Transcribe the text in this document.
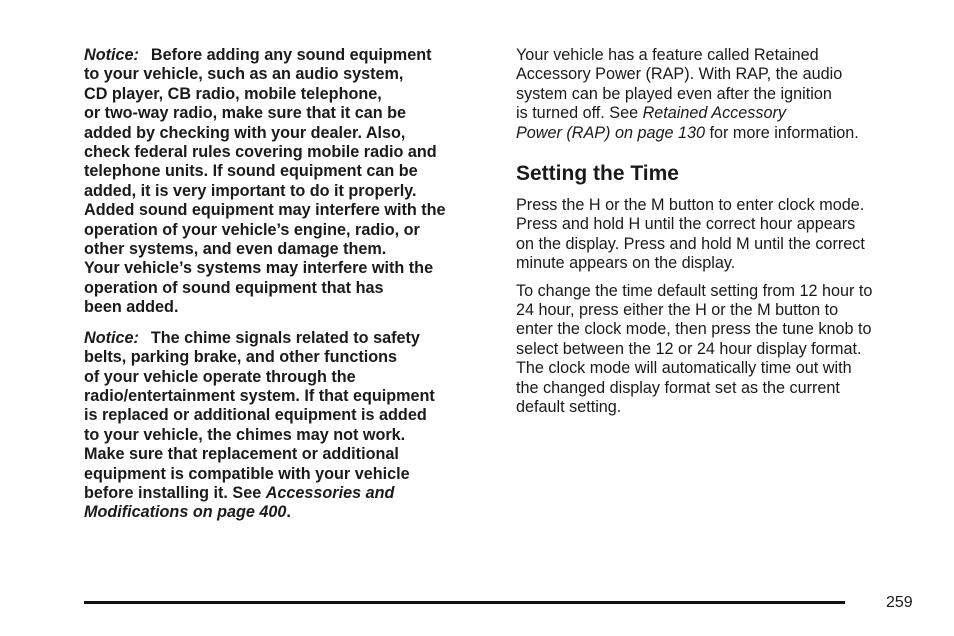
Notice: Before adding any sound equipment
to your vehicle, such as an audio system,
CD player, CB radio, mobile telephone,
or two-way radio, make sure that it can be
added by checking with your dealer. Also,
check federal rules covering mobile radio and
telephone units. If sound equipment can be
added, it is very important to do it properly.
Added sound equipment may interfere with the
operation of your vehicle’s engine, radio, or
other systems, and even damage them.
Your vehicle’s systems may interfere with the
operation of sound equipment that has
been added.
Notice: The chime signals related to safety
belts, parking brake, and other functions
of your vehicle operate through the
radio/entertainment system. If that equipment
is replaced or additional equipment is added
to your vehicle, the chimes may not work.
Make sure that replacement or additional
equipment is compatible with your vehicle
before installing it. See Accessories and
Modifications on page 400.
Your vehicle has a feature called Retained
Accessory Power (RAP). With RAP, the audio
system can be played even after the ignition
is turned off. See Retained Accessory
Power (RAP) on page 130 for more information.
Setting the Time
Press the H or the M button to enter clock mode.
Press and hold H until the correct hour appears
on the display. Press and hold M until the correct
minute appears on the display.
To change the time default setting from 12 hour to
24 hour, press either the H or the M button to
enter the clock mode, then press the tune knob to
select between the 12 or 24 hour display format.
The clock mode will automatically time out with
the changed display format set as the current
default setting.
259
